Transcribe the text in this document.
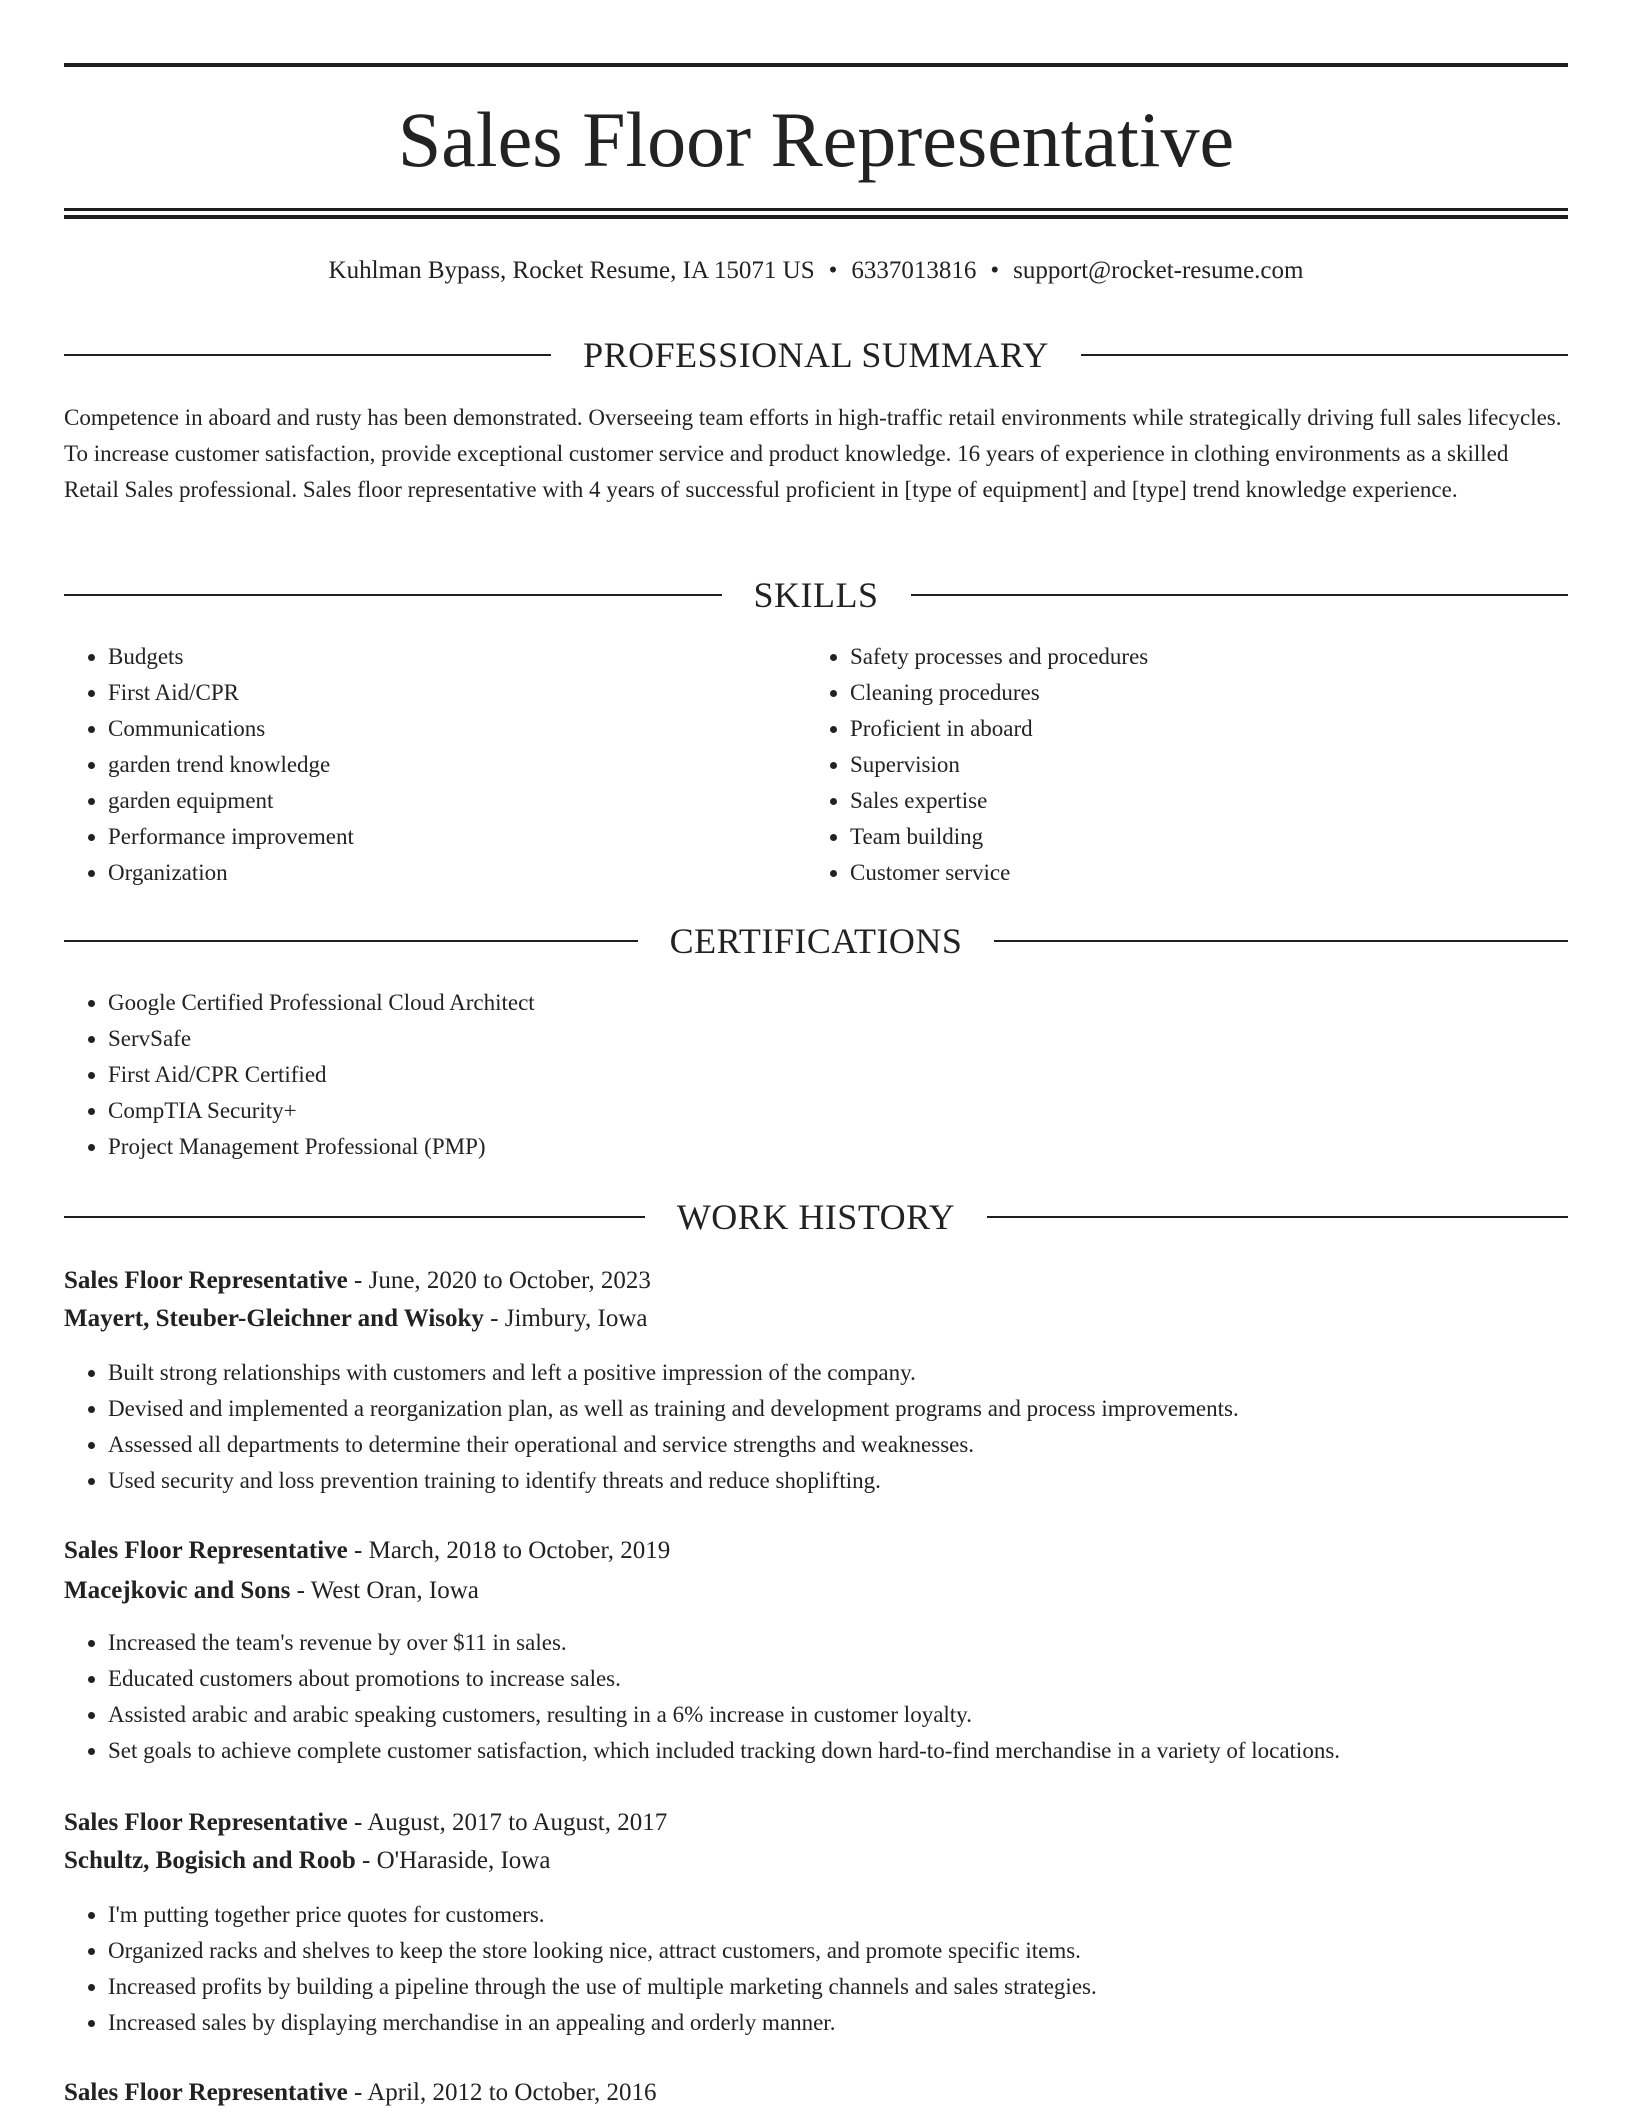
Sales Floor Representative
Kuhlman Bypass, Rocket Resume, IA 15071 US • 6337013816 • support@rocket-resume.com
PROFESSIONAL SUMMARY

Competence in aboard and rusty has been demonstrated. Overseeing team efforts in high-traffic retail environments while strategically driving full sales lifecycles. To increase customer satisfaction, provide exceptional customer service and product knowledge. 16 years of experience in clothing environments as a skilled Retail Sales professional. Sales floor representative with 4 years of successful proficient in [type of equipment] and [type] trend knowledge experience.

SKILLS
• Budgets
• First Aid/CPR
• Communications
• garden trend knowledge
• garden equipment
• Performance improvement
• Organization
• Safety processes and procedures
• Cleaning procedures
• Proficient in aboard
• Supervision
• Sales expertise
• Team building
• Customer service
CERTIFICATIONS
• Google Certified Professional Cloud Architect
• ServSafe
• First Aid/CPR Certified
• CompTIA Security+
• Project Management Professional (PMP)
WORK HISTORY
Sales Floor Representative - June, 2020 to October, 2023
Mayert, Steuber-Gleichner and Wisoky - Jimbury, Iowa
• Built strong relationships with customers and left a positive impression of the company.
• Devised and implemented a reorganization plan, as well as training and development programs and process improvements.
• Assessed all departments to determine their operational and service strengths and weaknesses.
• Used security and loss prevention training to identify threats and reduce shoplifting.
Sales Floor Representative - March, 2018 to October, 2019
Macejkovic and Sons - West Oran, Iowa
• Increased the team's revenue by over $11 in sales.
• Educated customers about promotions to increase sales.
• Assisted arabic and arabic speaking customers, resulting in a 6% increase in customer loyalty.
• Set goals to achieve complete customer satisfaction, which included tracking down hard-to-find merchandise in a variety of locations.
Sales Floor Representative - August, 2017 to August, 2017
Schultz, Bogisich and Roob - O'Haraside, Iowa
• I'm putting together price quotes for customers.
• Organized racks and shelves to keep the store looking nice, attract customers, and promote specific items.
• Increased profits by building a pipeline through the use of multiple marketing channels and sales strategies.
• Increased sales by displaying merchandise in an appealing and orderly manner.
Sales Floor Representative - April, 2012 to October, 2016
